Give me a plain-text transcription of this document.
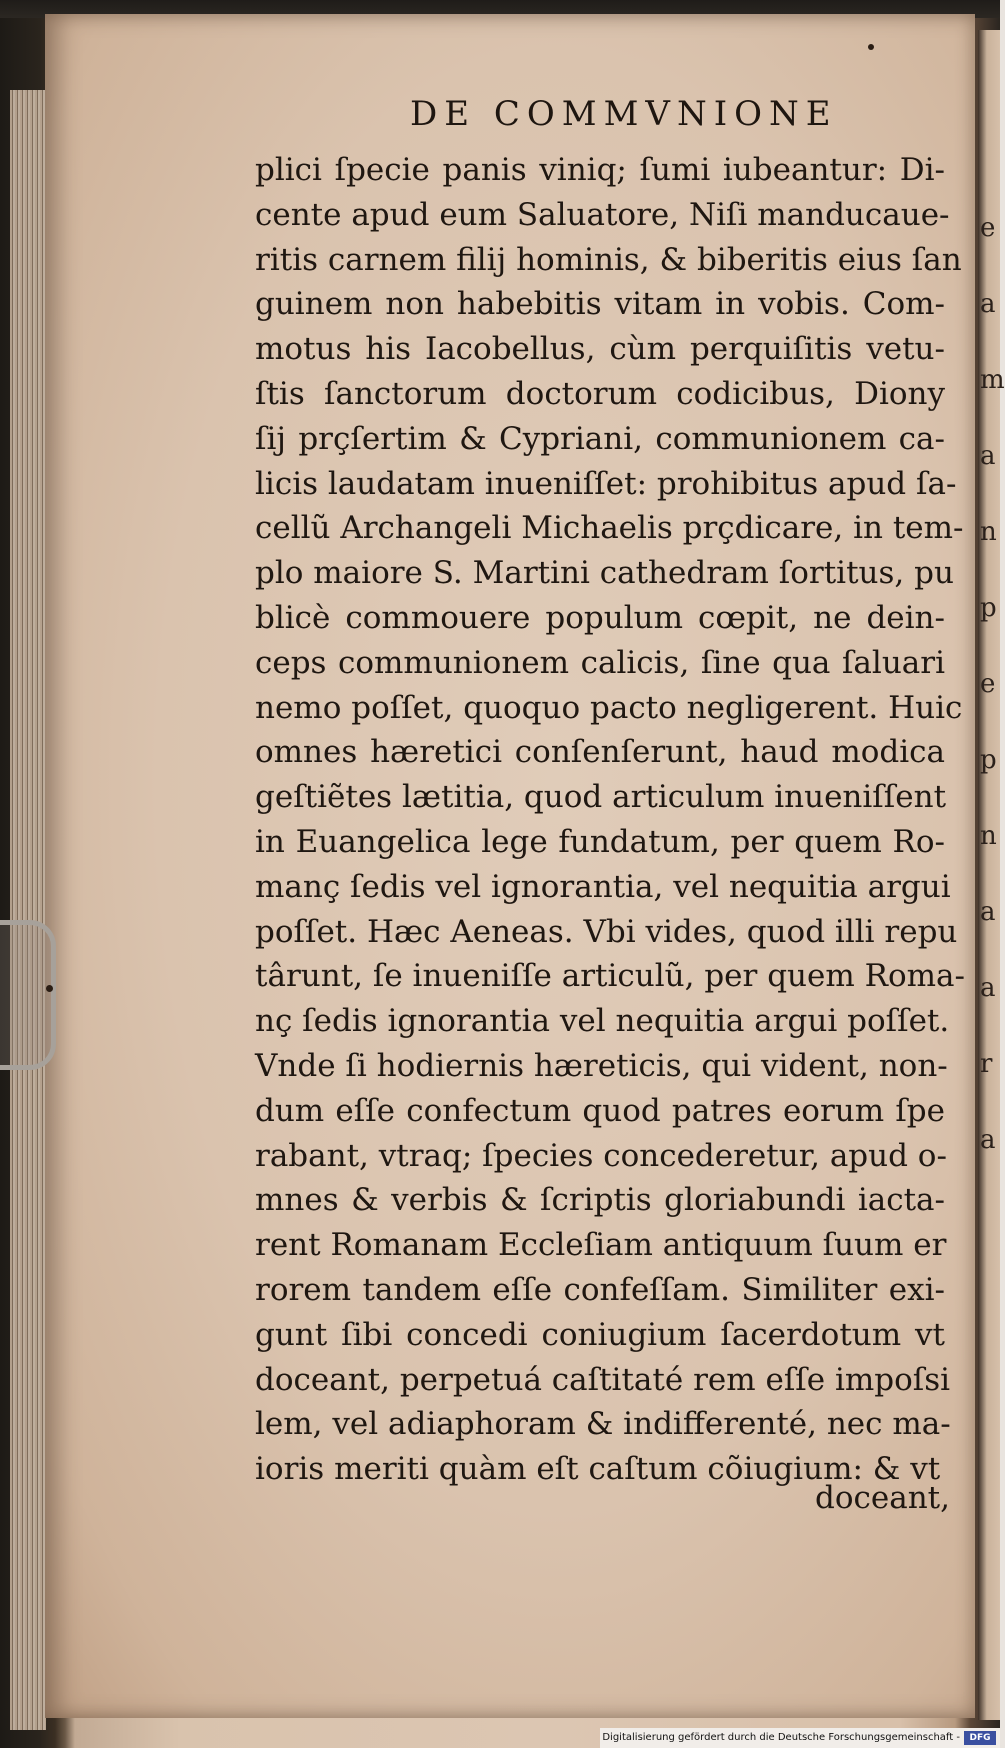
e
a
m
a
n
p
e
p
n
a
a
r
a
DE COMMVNIONE
plici ſpecie panis viniq; ſumi iubeantur: Di-
cente apud eum Saluatore, Niſi manducaue-
ritis carnem filij hominis, & biberitis eius ſan
guinem non habebitis vitam in vobis. Com-
motus his Iacobellus, cùm perquiſitis vetu-
ſtis ſanctorum doctorum codicibus, Diony
ſij prçſertim & Cypriani, communionem ca-
licis laudatam inueniſſet: prohibitus apud ſa-
cellũ Archangeli Michaelis prçdicare, in tem-
plo maiore S. Martini cathedram ſortitus, pu
blicè commouere populum cœpit, ne dein-
ceps communionem calicis, ſine qua ſaluari
nemo poſſet, quoquo pacto negligerent. Huic
omnes hæretici conſenſerunt, haud modica
geſtiẽtes lætitia, quod articulum inueniſſent
in Euangelica lege fundatum, per quem Ro-
manç ſedis vel ignorantia, vel nequitia argui
poſſet. Hæc Aeneas. Vbi vides, quod illi repu
târunt, ſe inueniſſe articulũ, per quem Roma-
nç ſedis ignorantia vel nequitia argui poſſet.
Vnde ſi hodiernis hæreticis, qui vident, non-
dum eſſe confectum quod patres eorum ſpe
rabant, vtraq; ſpecies concederetur, apud o-
mnes & verbis & ſcriptis gloriabundi iacta-
rent Romanam Eccleſiam antiquum ſuum er
rorem tandem eſſe confeſſam. Similiter exi-
gunt ſibi concedi coniugium ſacerdotum vt
doceant, perpetuá caſtitaté rem eſſe impoſsi
lem, vel adiaphoram & indifferenté, nec ma-
ioris meriti quàm eſt caſtum cõiugium: & vt
doceant,
Digitalisierung gefördert durch die Deutsche Forschungsgemeinschaft -	DFG
